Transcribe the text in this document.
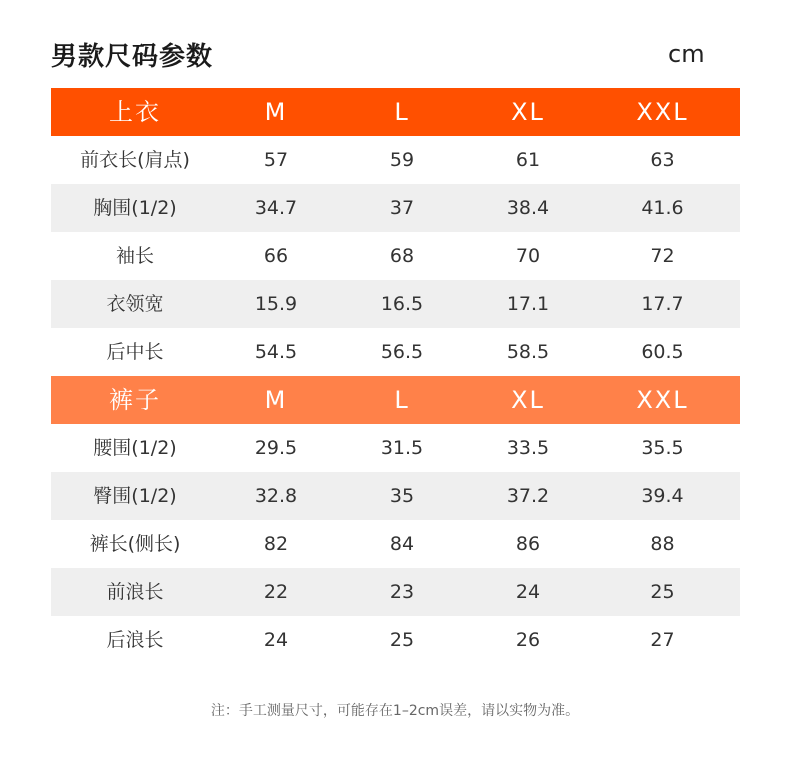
男款尺码参数	cm
上衣	M	L	XL	XXL
前衣长(肩点)	57	59	61	63
胸围(1/2)	34.7	37	38.4	41.6
袖长	66	68	70	72
衣领宽	15.9	16.5	17.1	17.7
后中长	54.5	56.5	58.5	60.5
裤子	M	L	XL	XXL
腰围(1/2)	29.5	31.5	33.5	35.5
臀围(1/2)	32.8	35	37.2	39.4
裤长(侧长)	82	84	86	88
前浪长	22	23	24	25
后浪长	24	25	26	27
注：手工测量尺寸，可能存在1–2cm误差，请以实物为准。
